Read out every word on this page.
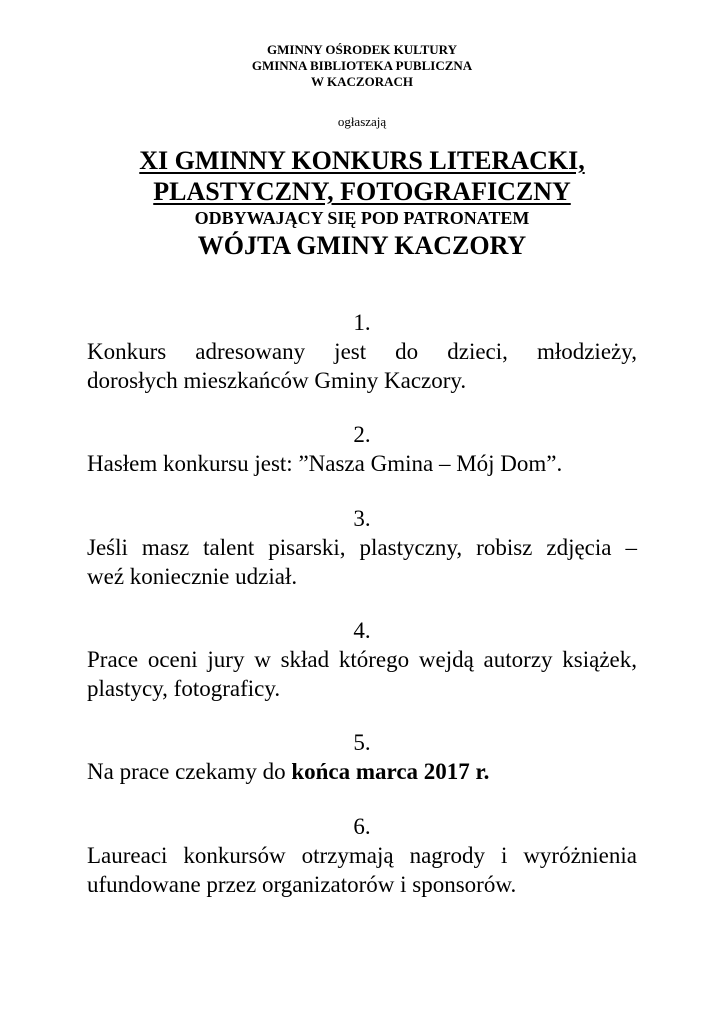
GMINNY OŚRODEK KULTURY
GMINNA BIBLIOTEKA PUBLICZNA
W KACZORACH
ogłaszają
XI GMINNY KONKURS LITERACKI,
PLASTYCZNY, FOTOGRAFICZNY
ODBYWAJĄCY SIĘ POD PATRONATEM
WÓJTA GMINY KACZORY
1.
Konkurs adresowany jest do dzieci, młodzieży,
dorosłych mieszkańców Gminy Kaczory.
2.
Hasłem konkursu jest: ”Nasza Gmina – Mój Dom”.
3.
Jeśli masz talent pisarski, plastyczny, robisz zdjęcia –
weź koniecznie udział.
4.
Prace oceni jury w skład którego wejdą autorzy książek,
plastycy, fotograficy.
5.
Na prace czekamy do końca marca 2017 r.
6.
Laureaci konkursów otrzymają nagrody i wyróżnienia
ufundowane przez organizatorów i sponsorów.
